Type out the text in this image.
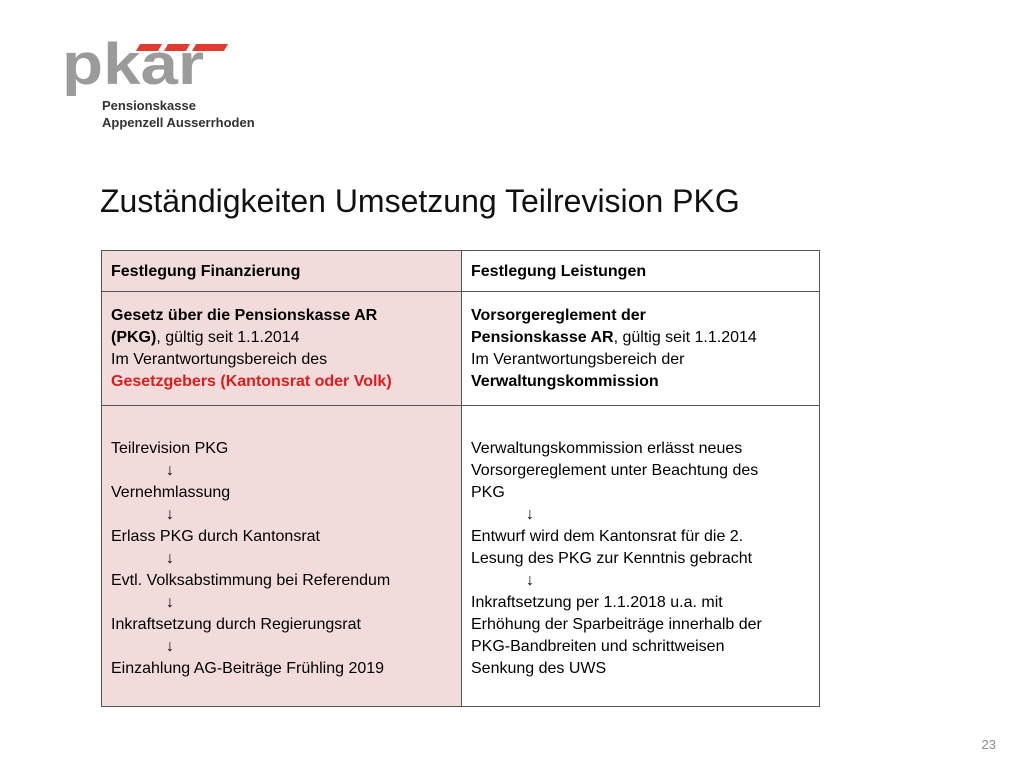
pkar
Pensionskasse
Appenzell Ausserrhoden
Zuständigkeiten Umsetzung Teilrevision PKG
Festlegung Finanzierung
Gesetz über die Pensionskasse AR
(PKG), gültig seit 1.1.2014
Im Verantwortungsbereich des
Gesetzgebers (Kantonsrat oder Volk)
Teilrevision PKG
↓
Vernehmlassung
↓
Erlass PKG durch Kantonsrat
↓
Evtl. Volksabstimmung bei Referendum
↓
Inkraftsetzung durch Regierungsrat
↓
Einzahlung AG-Beiträge Frühling 2019
Festlegung Leistungen
Vorsorgereglement der
Pensionskasse AR, gültig seit 1.1.2014
Im Verantwortungsbereich der
Verwaltungskommission
Verwaltungskommission erlässt neues
Vorsorgereglement unter Beachtung des
PKG
↓
Entwurf wird dem Kantonsrat für die 2.
Lesung des PKG zur Kenntnis gebracht
↓
Inkraftsetzung per 1.1.2018 u.a. mit
Erhöhung der Sparbeiträge innerhalb der
PKG-Bandbreiten und schrittweisen
Senkung des UWS
23
